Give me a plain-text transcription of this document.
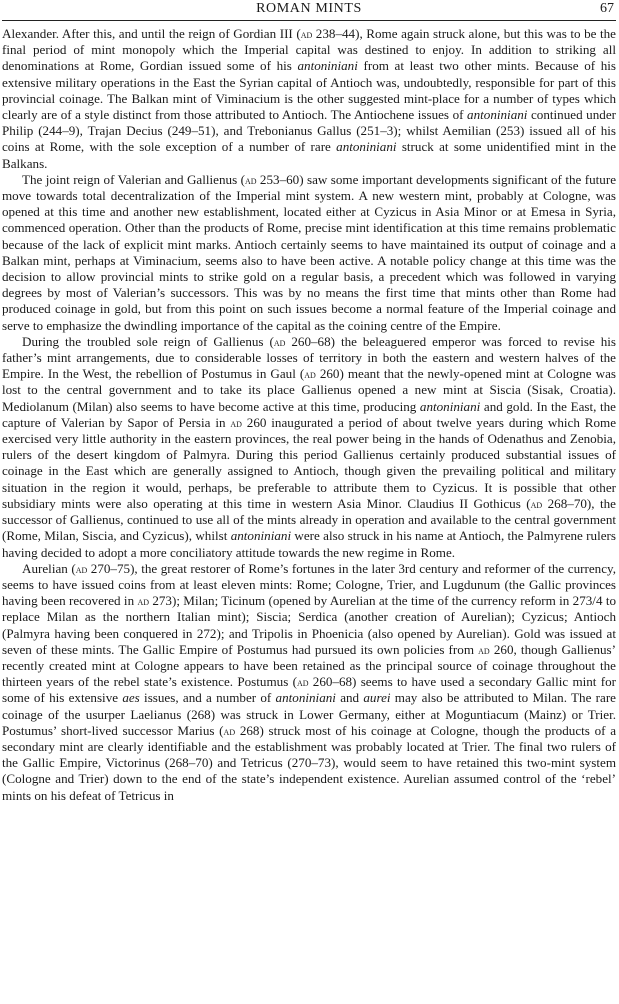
ROMAN MINTS	67

Alexander. After this, and until the reign of Gordian III (ad 238–44), Rome again struck alone, but this was to be the final period of mint monopoly which the Imperial capital was destined to enjoy. In addition to striking all denominations at Rome, Gordian issued some of his antoniniani from at least two other mints. Because of his extensive military operations in the East the Syrian capital of Antioch was, undoubtedly, responsible for part of this provincial coinage. The Balkan mint of Viminacium is the other suggested mint-place for a number of types which clearly are of a style distinct from those attributed to Antioch. The Antiochene issues of antoniniani continued under Philip (244–9), Trajan Decius (249–51), and Trebonianus Gallus (251–3); whilst Aemilian (253) issued all of his coins at Rome, with the sole exception of a number of rare antoniniani struck at some unidentified mint in the Balkans.

The joint reign of Valerian and Gallienus (ad 253–60) saw some important developments significant of the future move towards total decentralization of the Imperial mint system. A new western mint, probably at Cologne, was opened at this time and another new establishment, located either at Cyzicus in Asia Minor or at Emesa in Syria, commenced operation. Other than the products of Rome, precise mint identification at this time remains problematic because of the lack of explicit mint marks. Antioch certainly seems to have maintained its output of coinage and a Balkan mint, perhaps at Viminacium, seems also to have been active. A notable policy change at this time was the decision to allow provincial mints to strike gold on a regular basis, a precedent which was followed in varying degrees by most of Valerian’s successors. This was by no means the first time that mints other than Rome had produced coinage in gold, but from this point on such issues become a normal feature of the Imperial coinage and serve to emphasize the dwindling importance of the capital as the coining centre of the Empire.

During the troubled sole reign of Gallienus (ad 260–68) the beleaguered emperor was forced to revise his father’s mint arrangements, due to considerable losses of territory in both the eastern and western halves of the Empire. In the West, the rebellion of Postumus in Gaul (ad 260) meant that the newly-opened mint at Cologne was lost to the central government and to take its place Gallienus opened a new mint at Siscia (Sisak, Croatia). Mediolanum (Milan) also seems to have become active at this time, producing antoniniani and gold. In the East, the capture of Valerian by Sapor of Persia in ad 260 inaugurated a period of about twelve years during which Rome exercised very little authority in the eastern provinces, the real power being in the hands of Odenathus and Zenobia, rulers of the desert kingdom of Palmyra. During this period Gallienus certainly produced substantial issues of coinage in the East which are generally assigned to Antioch, though given the prevailing political and military situation in the region it would, perhaps, be preferable to attribute them to Cyzicus. It is possible that other subsidiary mints were also operating at this time in western Asia Minor. Claudius II Gothicus (ad 268–70), the successor of Gallienus, continued to use all of the mints already in operation and available to the central government (Rome, Milan, Siscia, and Cyzicus), whilst antoniniani were also struck in his name at Antioch, the Palmyrene rulers having decided to adopt a more conciliatory attitude towards the new regime in Rome.

Aurelian (ad 270–75), the great restorer of Rome’s fortunes in the later 3rd century and reformer of the currency, seems to have issued coins from at least eleven mints: Rome; Cologne, Trier, and Lugdunum (the Gallic provinces having been recovered in ad 273); Milan; Ticinum (opened by Aurelian at the time of the currency reform in 273/4 to replace Milan as the northern Italian mint); Siscia; Serdica (another creation of Aurelian); Cyzicus; Antioch (Palmyra having been conquered in 272); and Tripolis in Phoenicia (also opened by Aurelian). Gold was issued at seven of these mints. The Gallic Empire of Postumus had pursued its own policies from ad 260, though Gallienus’ recently created mint at Cologne appears to have been retained as the principal source of coinage throughout the thirteen years of the rebel state’s existence. Postumus (ad 260–68) seems to have used a secondary Gallic mint for some of his extensive aes issues, and a number of antoniniani and aurei may also be attributed to Milan. The rare coinage of the usurper Laelianus (268) was struck in Lower Germany, either at Moguntiacum (Mainz) or Trier. Postumus’ short-lived successor Marius (ad 268) struck most of his coinage at Cologne, though the products of a secondary mint are clearly identifiable and the establishment was probably located at Trier. The final two rulers of the Gallic Empire, Victorinus (268–70) and Tetricus (270–73), would seem to have retained this two-mint system (Cologne and Trier) down to the end of the state’s independent existence. Aurelian assumed control of the ‘rebel’ mints on his defeat of Tetricus in
